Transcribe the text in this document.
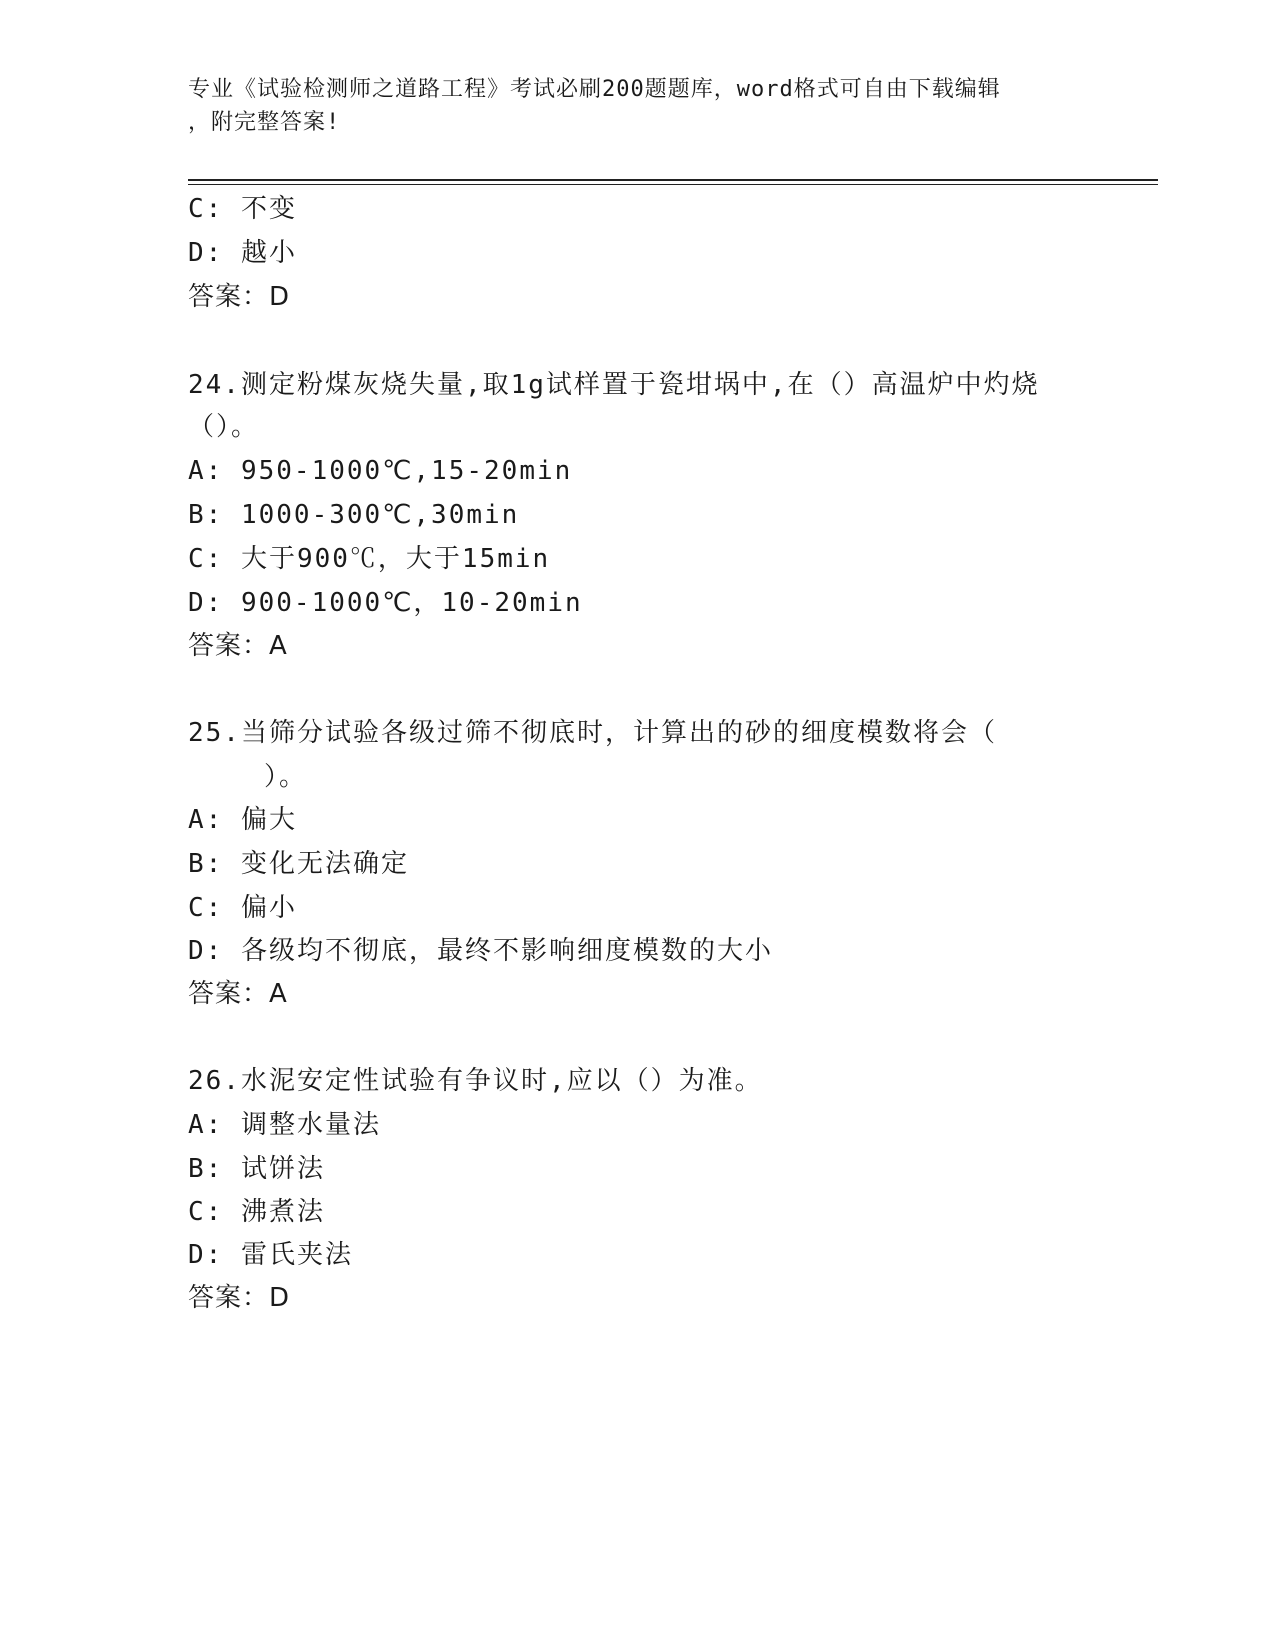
专业《试验检测师之道路工程》考试必刷200题题库，word格式可自由下载编辑
，附完整答案!
C: 不变
D: 越小
答案：D
24.测定粉煤灰烧失量,取1g试样置于瓷坩埚中,在（）高温炉中灼烧
（）。
A: 950-1000℃,15-20min
B: 1000-300℃,30min
C: 大于900℃，大于15min
D: 900-1000℃，10-20min
答案：A
25.当筛分试验各级过筛不彻底时，计算出的砂的细度模数将会（
）。
A: 偏大
B: 变化无法确定
C: 偏小
D: 各级均不彻底，最终不影响细度模数的大小
答案：A
26.水泥安定性试验有争议时,应以（）为准。
A: 调整水量法
B: 试饼法
C: 沸煮法
D: 雷氏夹法
答案：D
